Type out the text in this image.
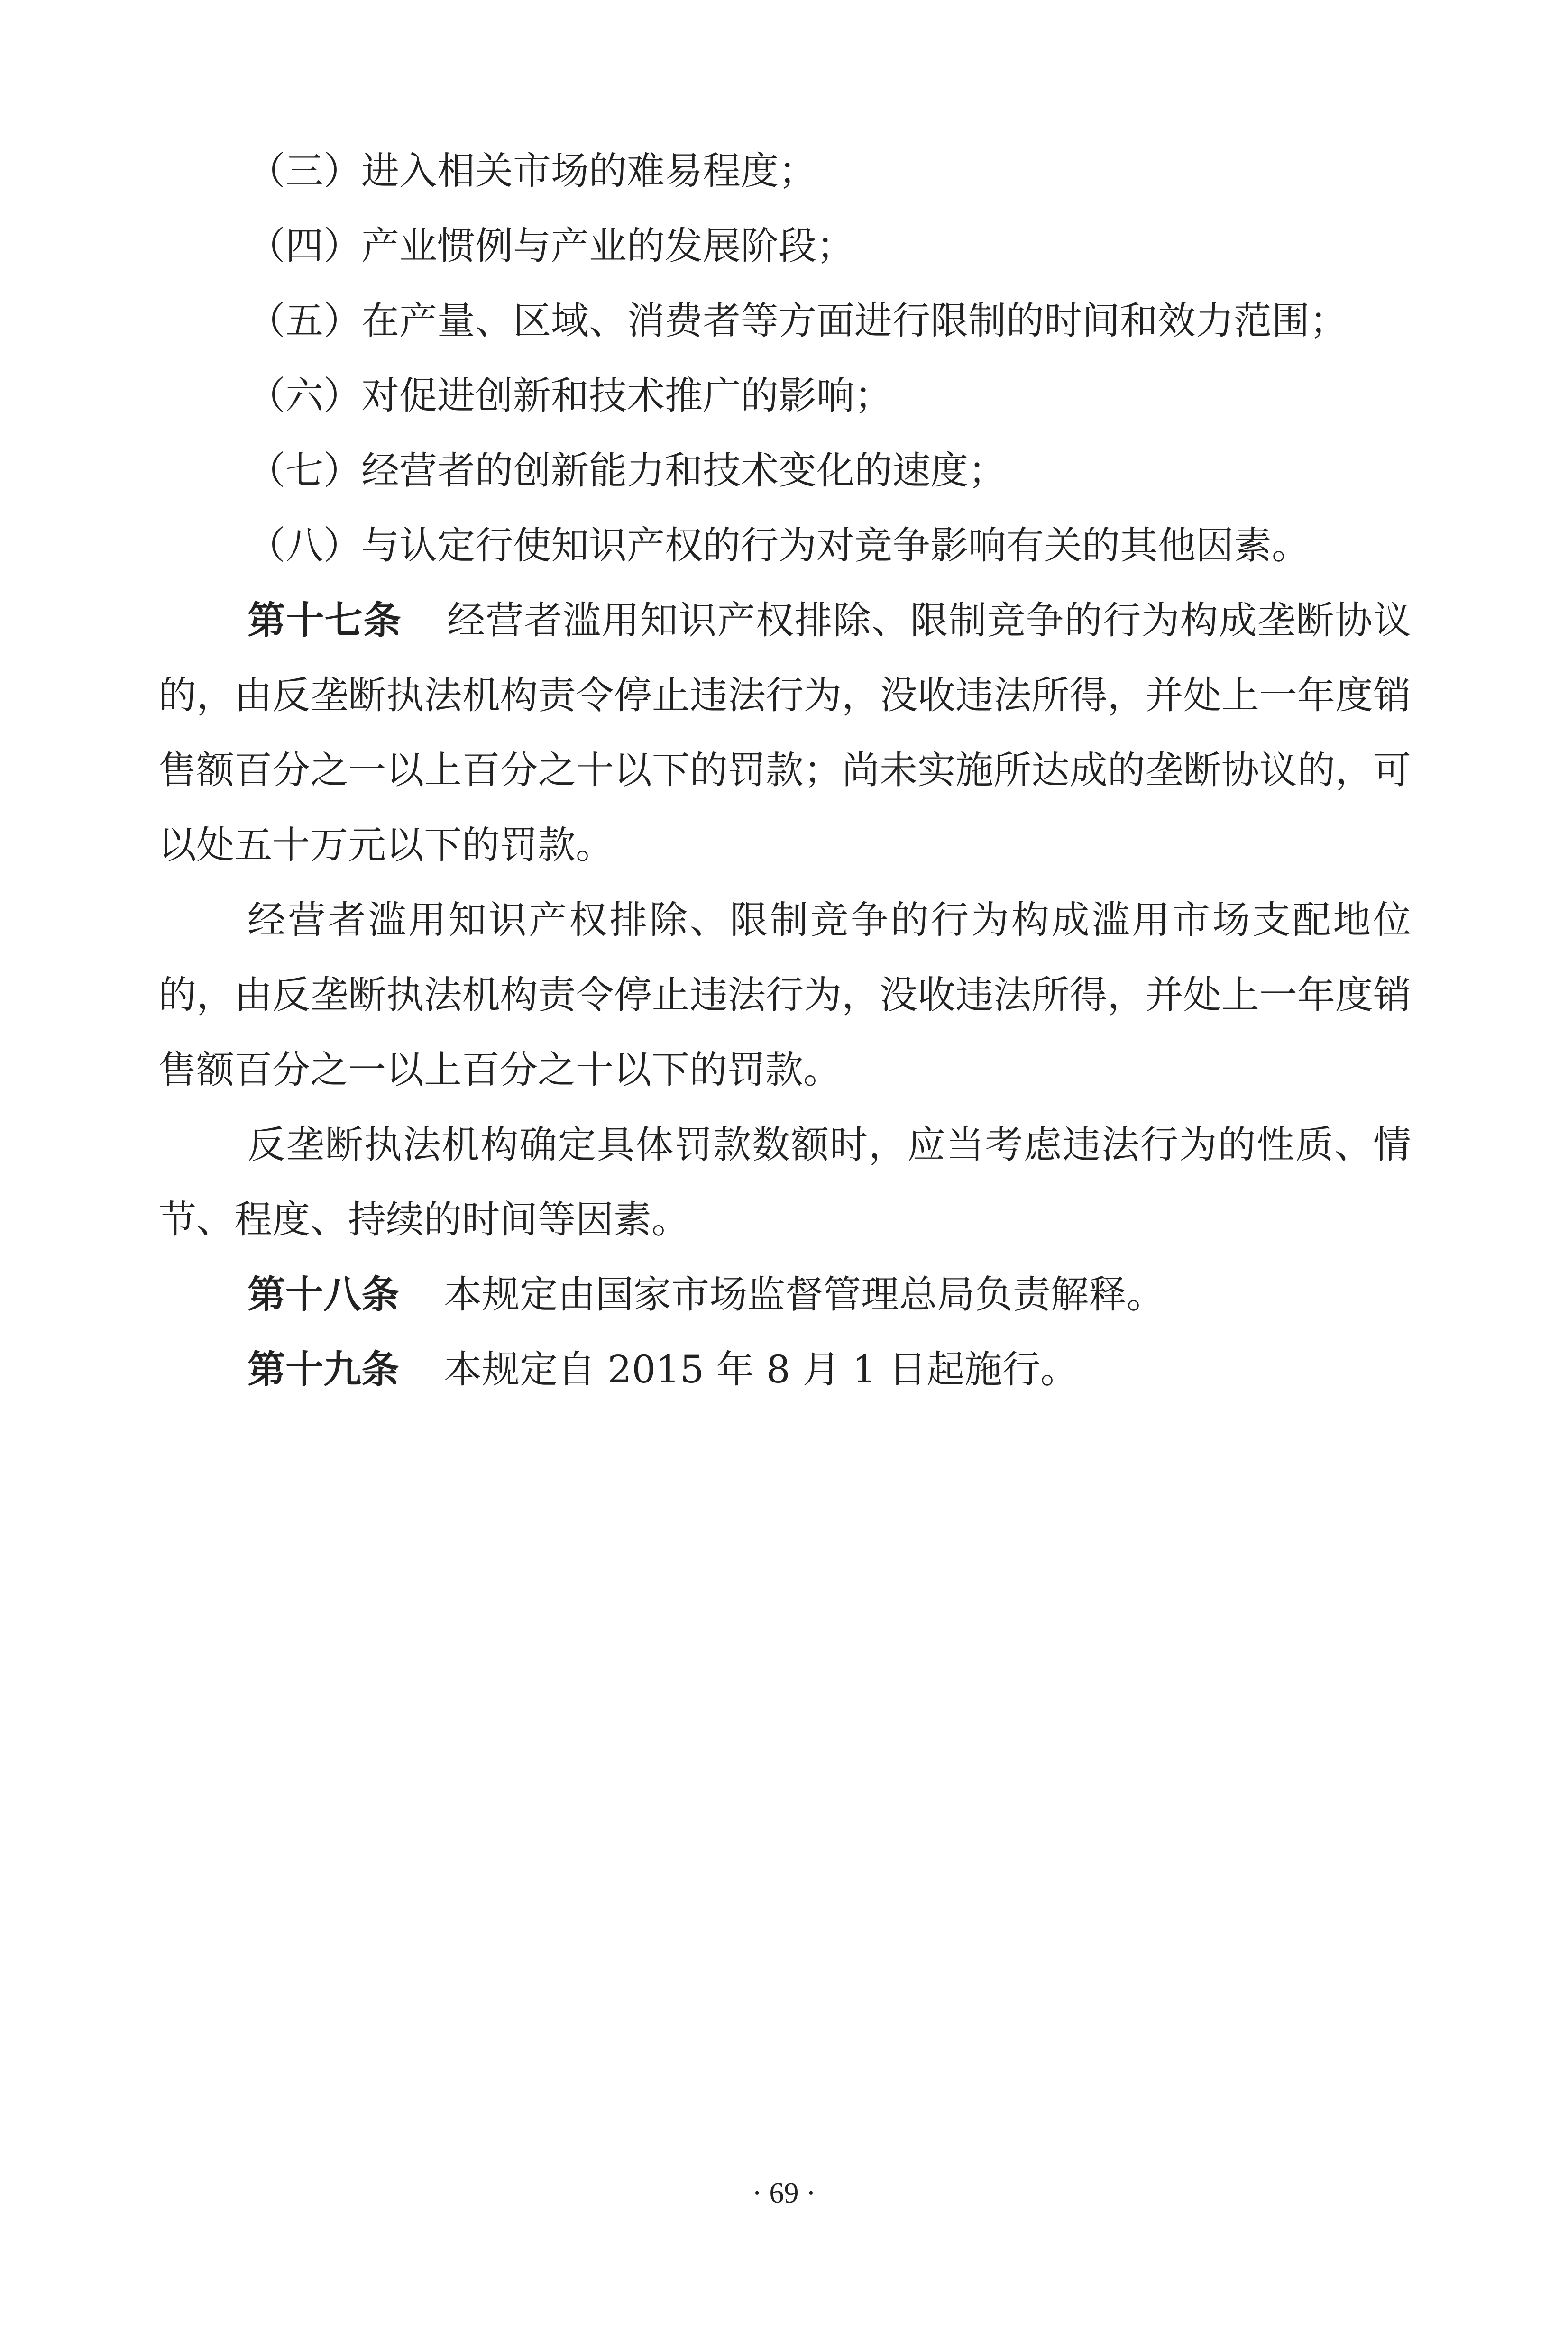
（三）进入相关市场的难易程度；

（四）产业惯例与产业的发展阶段；

（五）在产量、区域、消费者等方面进行限制的时间和效力范围；

（六）对促进创新和技术推广的影响；

（七）经营者的创新能力和技术变化的速度；

（八）与认定行使知识产权的行为对竞争影响有关的其他因素。

第十七条 经营者滥用知识产权排除、限制竞争的行为构成垄断协议的，由反垄断执法机构责令停止违法行为，没收违法所得，并处上一年度销售额百分之一以上百分之十以下的罚款；尚未实施所达成的垄断协议的，可以处五十万元以下的罚款。

经营者滥用知识产权排除、限制竞争的行为构成滥用市场支配地位的，由反垄断执法机构责令停止违法行为，没收违法所得，并处上一年度销售额百分之一以上百分之十以下的罚款。

反垄断执法机构确定具体罚款数额时，应当考虑违法行为的性质、情节、程度、持续的时间等因素。

第十八条 本规定由国家市场监督管理总局负责解释。

第十九条 本规定自 2015 年 8 月 1 日起施行。

· 69 ·
